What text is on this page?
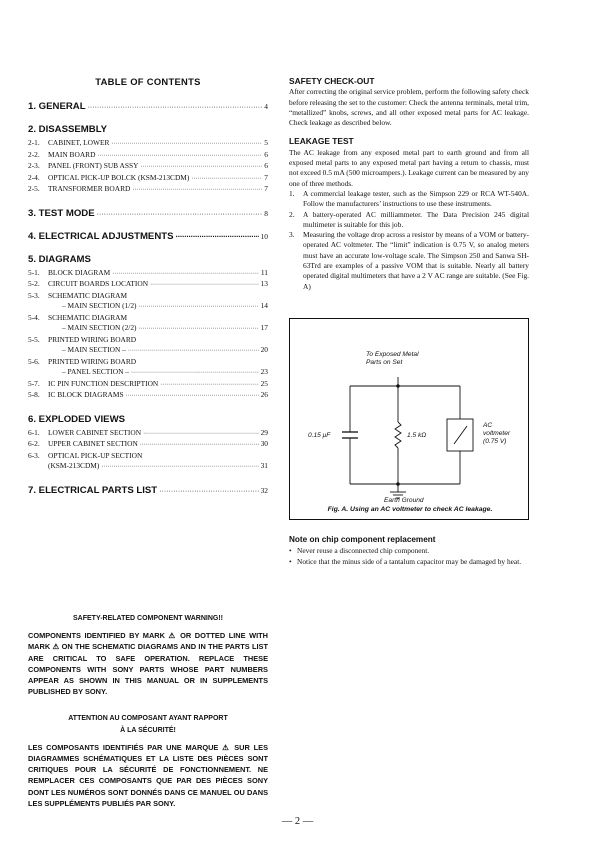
TABLE OF CONTENTS
1. GENERAL ·····	4
2. DISASSEMBLY
2-1. CABINET, LOWER ·····	5
2-2. MAIN BOARD ·····	6
2-3. PANEL (FRONT) SUB ASSY ·····	6
2-4. OPTICAL PICK-UP BOLCK (KSM-213CDM) ·····	7
2-5. TRANSFORMER BOARD ·····	7
3. TEST MODE ·····	8
4. ELECTRICAL ADJUSTMENTS ·····	10
5. DIAGRAMS
5-1. BLOCK DIAGRAM ·····	11
5-2. CIRCUIT BOARDS LOCATION ·····	13
5-3. SCHEMATIC DIAGRAM
– MAIN SECTION (1/2) ·····	14
5-4. SCHEMATIC DIAGRAM
– MAIN SECTION (2/2) ·····	17
5-5. PRINTED WIRING BOARD
– MAIN SECTION – ·····	20
5-6. PRINTED WIRING BOARD
– PANEL SECTION – ·····	23
5-7. IC PIN FUNCTION DESCRIPTION ·····	25
5-8. IC BLOCK DIAGRAMS ·····	26
6. EXPLODED VIEWS
6-1. LOWER CABINET SECTION ·····	29
6-2. UPPER CABINET SECTION ·····	30
6-3. OPTICAL PICK-UP SECTION
(KSM-213CDM) ·····	31
7. ELECTRICAL PARTS LIST ·····	32
SAFETY CHECK-OUT

After correcting the original service problem, perform the following safety check before releasing the set to the customer: Check the antenna terminals, metal trim, “metallized” knobs, screws, and all other exposed metal parts for AC leakage. Check leakage as described below.

LEAKAGE TEST

The AC leakage from any exposed metal part to earth ground and from all exposed metal parts to any exposed metal part having a return to chassis, must not exceed 0.5 mA (500 microampers.). Leakage current can be measured by any one of three methods.

1.	A commercial leakage tester, such as the Simpson 229 or RCA WT-540A. Follow the manufacturers’ instructions to use these instruments.
2.	A battery-operated AC milliammeter. The Data Precision 245 digital multimeter is suitable for this job.
3.	Measuring the voltage drop across a resistor by means of a VOM or battery-operated AC voltmeter. The “limit” indication is 0.75 V, so analog meters must have an accurate low-voltage scale. The Simpson 250 and Sanwa SH-63Trd are examples of a passive VOM that is suitable. Nearly all battery operated digital multimeters that have a 2 V AC range are suitable. (See Fig. A)
To Exposed Metal
Parts on Set
0.15 μF	1.5 kΩ
AC
voltmeter
(0.75 V)
Earth Ground
Fig. A. Using an AC voltmeter to check AC leakage.
Note on chip component replacement
• Never reuse a disconnected chip component.
• Notice that the minus side of a tantalum capacitor may be damaged by heat.
SAFETY-RELATED COMPONENT WARNING!!

COMPONENTS IDENTIFIED BY MARK ⚠ OR DOTTED LINE WITH MARK ⚠ ON THE SCHEMATIC DIAGRAMS AND IN THE PARTS LIST ARE CRITICAL TO SAFE OPERATION. REPLACE THESE COMPONENTS WITH SONY PARTS WHOSE PART NUMBERS APPEAR AS SHOWN IN THIS MANUAL OR IN SUPPLEMENTS PUBLISHED BY SONY.

ATTENTION AU COMPOSANT AYANT RAPPORT
À LA SÉCURITÉ!

LES COMPOSANTS IDENTIFIÉS PAR UNE MARQUE ⚠ SUR LES DIAGRAMMES SCHÉMATIQUES ET LA LISTE DES PIÈCES SONT CRITIQUES POUR LA SÉCURITÉ DE FONCTIONNEMENT. NE REMPLACER CES COMPOSANTS QUE PAR DES PIÈCES SONY DONT LES NUMÉROS SONT DONNÉS DANS CE MANUEL OU DANS LES SUPPLÉMENTS PUBLIÉS PAR SONY.

— 2 —
